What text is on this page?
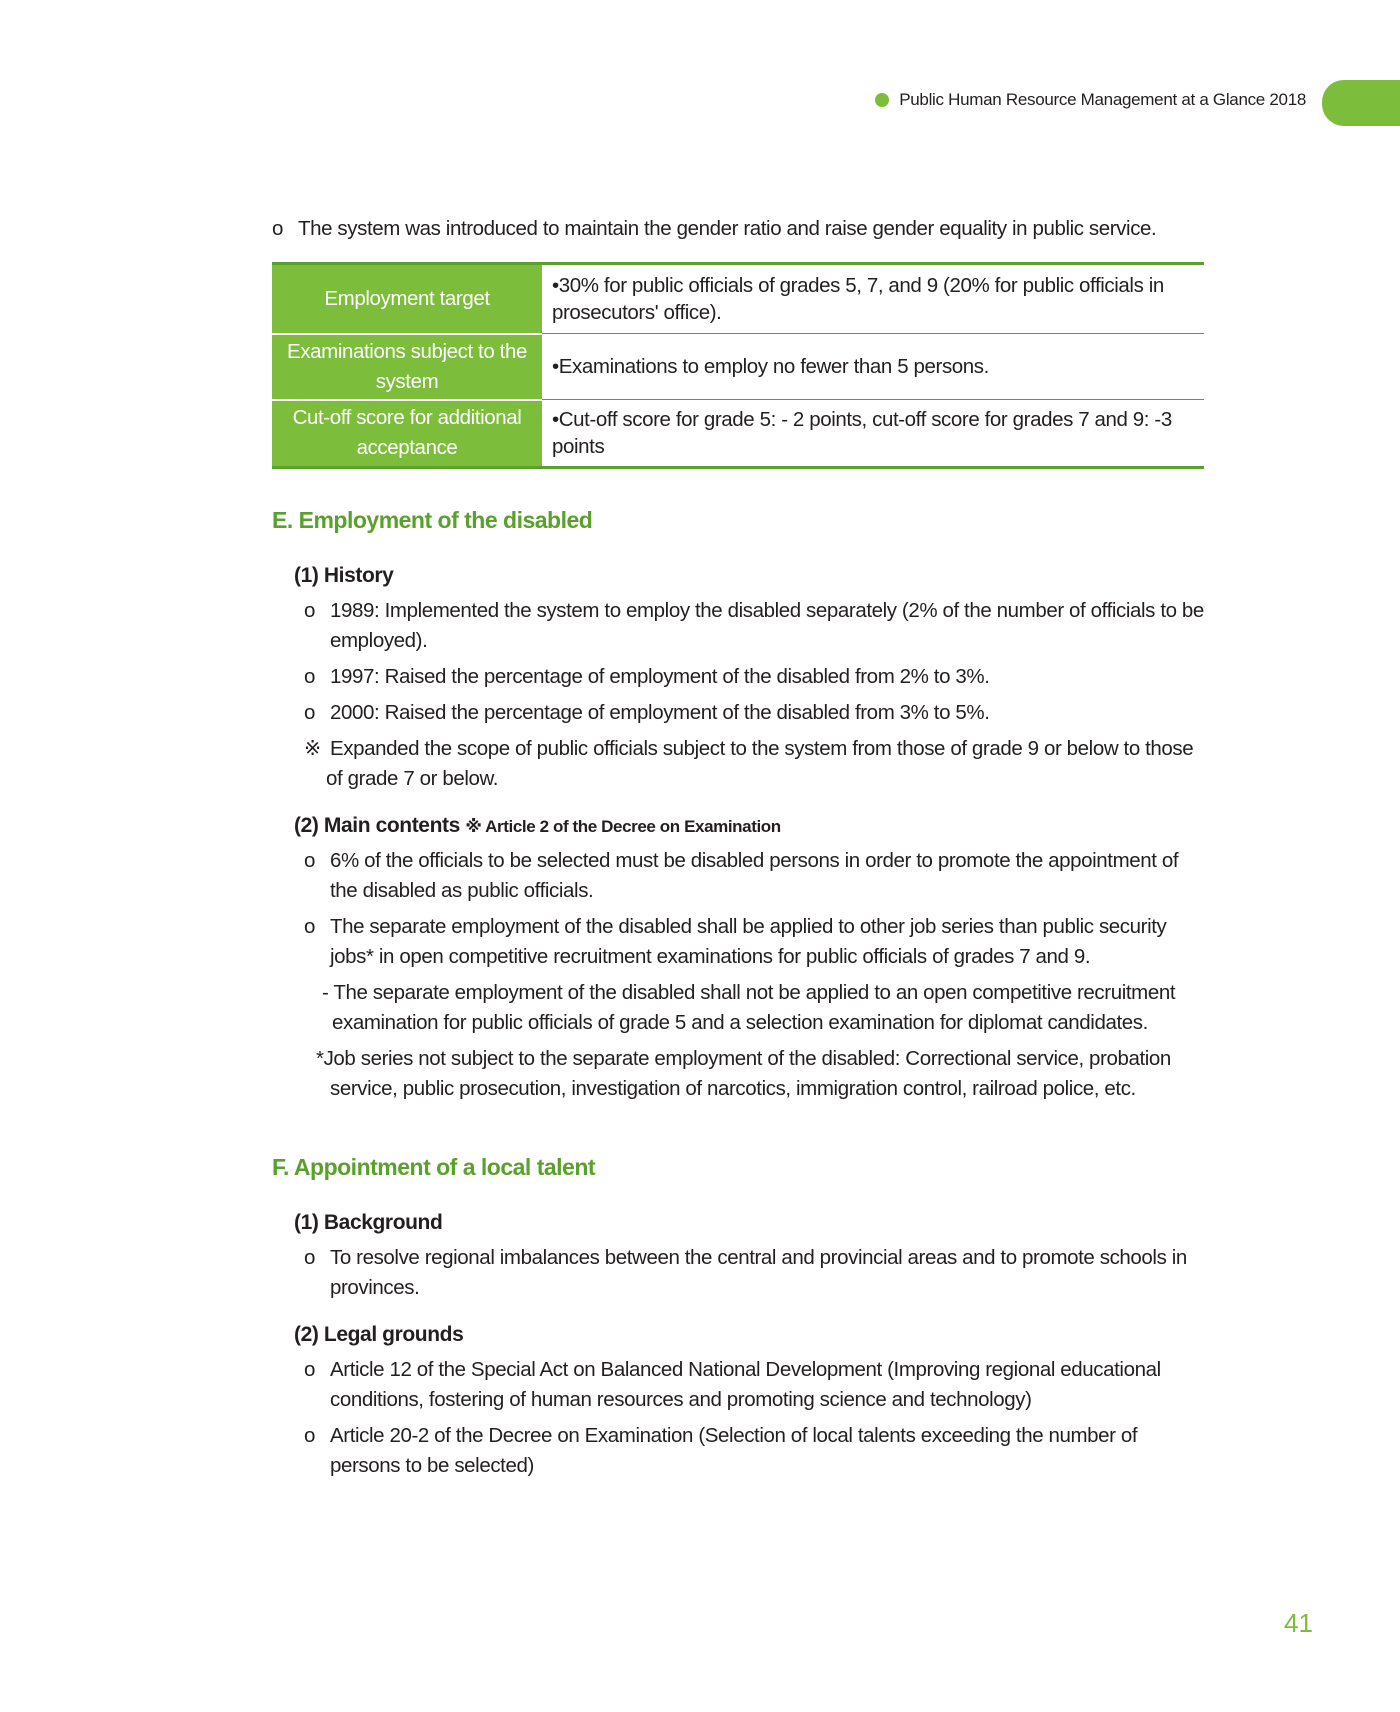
Public Human Resource Management at a Glance 2018
o The system was introduced to maintain the gender ratio and raise gender equality in public service.
Employment target	•30% for public officials of grades 5, 7, and 9 (20% for public officials in prosecutors' office).
Examinations subject to the system	•Examinations to employ no fewer than 5 persons.
Cut-off score for additional acceptance	•Cut-off score for grade 5: - 2 points, cut-off score for grades 7 and 9: -3 points
E. Employment of the disabled
(1) History
o 1989: Implemented the system to employ the disabled separately (2% of the number of officials to be employed).
o 1997: Raised the percentage of employment of the disabled from 2% to 3%.
o 2000: Raised the percentage of employment of the disabled from 3% to 5%.
※ Expanded the scope of public officials subject to the system from those of grade 9 or below to those of grade 7 or below.
(2) Main contents ※ Article 2 of the Decree on Examination
o 6% of the officials to be selected must be disabled persons in order to promote the appointment of the disabled as public officials.
o The separate employment of the disabled shall be applied to other job series than public security jobs* in open competitive recruitment examinations for public officials of grades 7 and 9.
- The separate employment of the disabled shall not be applied to an open competitive recruitment examination for public officials of grade 5 and a selection examination for diplomat candidates.
*Job series not subject to the separate employment of the disabled: Correctional service, probation service, public prosecution, investigation of narcotics, immigration control, railroad police, etc.
F. Appointment of a local talent
(1) Background
o To resolve regional imbalances between the central and provincial areas and to promote schools in provinces.
(2) Legal grounds
o Article 12 of the Special Act on Balanced National Development (Improving regional educational conditions, fostering of human resources and promoting science and technology)
o Article 20-2 of the Decree on Examination (Selection of local talents exceeding the number of persons to be selected)
41
